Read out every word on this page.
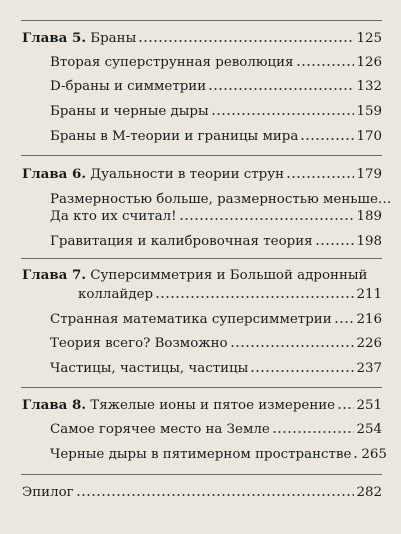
Глава 5. Браны	125
Вторая суперструнная революция	126
D-браны и симметрии	132
Браны и черные дыры	159
Браны в М-теории и границы мира	170
Глава 6. Дуальности в теории струн	179
Размерностью больше, размерностью меньше…
Да кто их считал!	189
Гравитация и калибровочная теория	198
Глава 7. Суперсимметрия и Большой адронный
коллайдер	211
Странная математика суперсимметрии 216
Теория всего? Возможно	226
Частицы, частицы, частицы	237
Глава 8. Тяжелые ионы и пятое измерение 251
Самое горячее место на Земле	254
Черные дыры в пятимерном пространстве 265
Эпилог	282
